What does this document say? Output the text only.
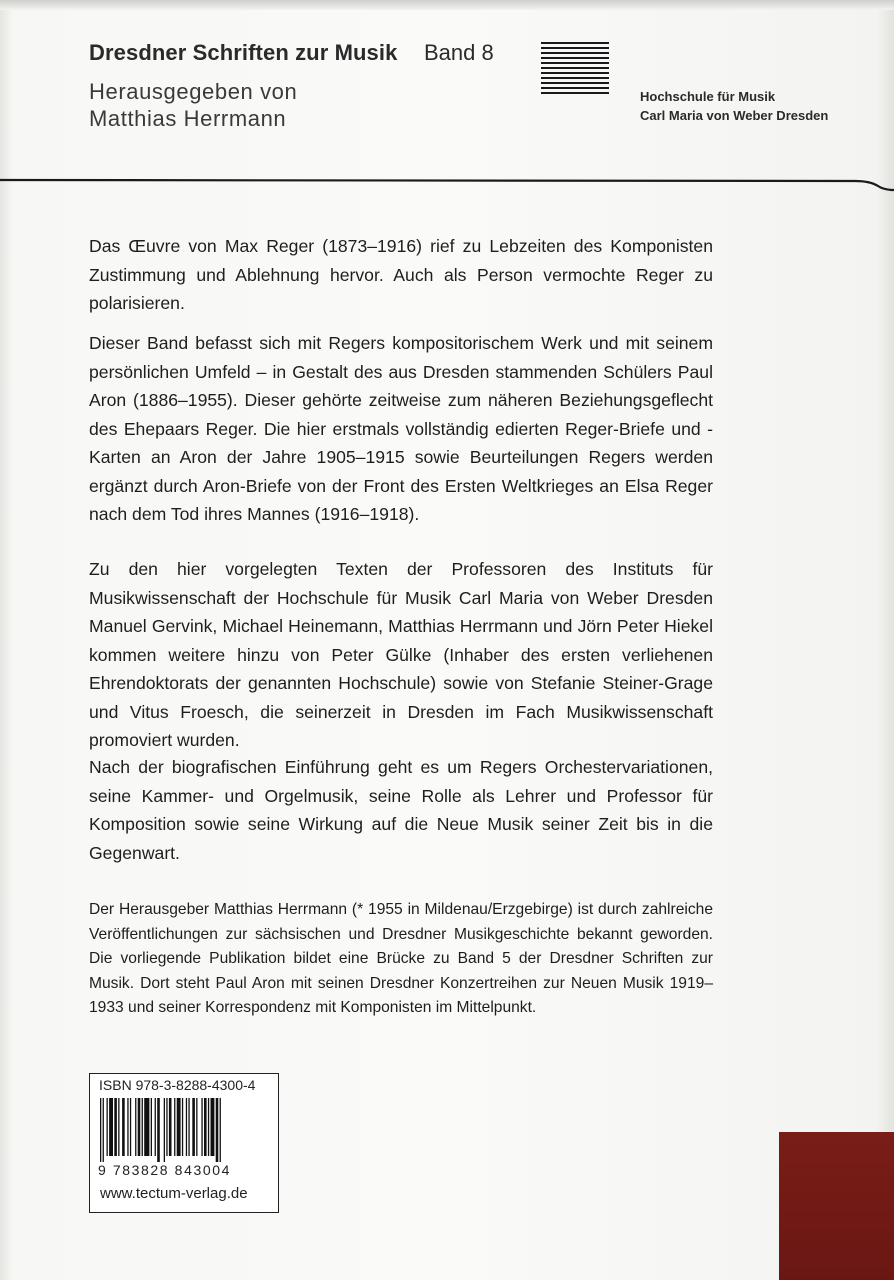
Dresdner Schriften zur Musik Band 8
Herausgegeben von
Matthias Herrmann
Hochschule für Musik
Carl Maria von Weber Dresden

Das Œuvre von Max Reger (1873–1916) rief zu Lebzeiten des Komponisten Zustimmung und Ablehnung hervor. Auch als Person vermochte Reger zu polarisieren.

Dieser Band befasst sich mit Regers kompositorischem Werk und mit seinem persönlichen Umfeld – in Gestalt des aus Dresden stammenden Schülers Paul Aron (1886–1955). Dieser gehörte zeitweise zum näheren Beziehungsgeflecht des Ehepaars Reger. Die hier erstmals vollständig edierten Reger-Briefe und -Karten an Aron der Jahre 1905–1915 sowie Beurteilungen Regers werden ergänzt durch Aron-Briefe von der Front des Ersten Weltkrieges an Elsa Reger nach dem Tod ihres Mannes (1916–1918).

Zu den hier vorgelegten Texten der Professoren des Instituts für Musikwissenschaft der Hochschule für Musik Carl Maria von Weber Dresden Manuel Gervink, Michael Heinemann, Matthias Herrmann und Jörn Peter Hiekel kommen weitere hinzu von Peter Gülke (Inhaber des ersten verliehenen Ehrendoktorats der genannten Hochschule) sowie von Stefanie Steiner-Grage und Vitus Froesch, die seinerzeit in Dresden im Fach Musikwissenschaft promoviert wurden.

Nach der biografischen Einführung geht es um Regers Orchestervariationen, seine Kammer- und Orgelmusik, seine Rolle als Lehrer und Professor für Komposition sowie seine Wirkung auf die Neue Musik seiner Zeit bis in die Gegenwart.

Der Herausgeber Matthias Herrmann (* 1955 in Mildenau/Erzgebirge) ist durch zahlreiche Veröffentlichungen zur sächsischen und Dresdner Musikgeschichte bekannt geworden. Die vorliegende Publikation bildet eine Brücke zu Band 5 der Dresdner Schriften zur Musik. Dort steht Paul Aron mit seinen Dresdner Konzertreihen zur Neuen Musik 1919–1933 und seiner Korrespondenz mit Komponisten im Mittelpunkt.
ISBN 978-3-8288-4300-4
9 783828 843004
www.tectum-verlag.de
